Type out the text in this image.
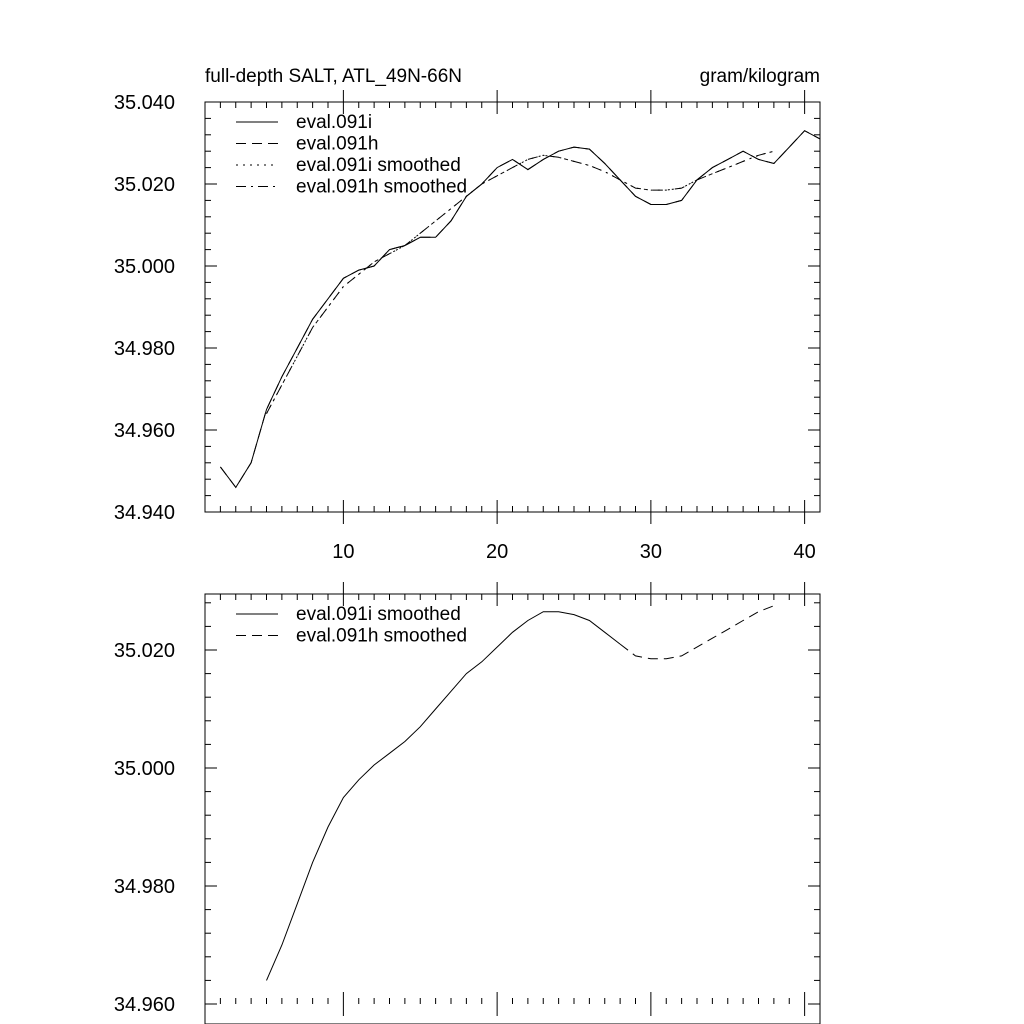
full-depth SALT, ATL_49N-66N	gram/kilogram
34.940
34.960
34.980
35.000
35.020
35.040
10	20	30	40
eval.091i
eval.091h
eval.091i smoothed
eval.091h smoothed
34.960
34.980
35.000
35.020
eval.091i smoothed
eval.091h smoothed
